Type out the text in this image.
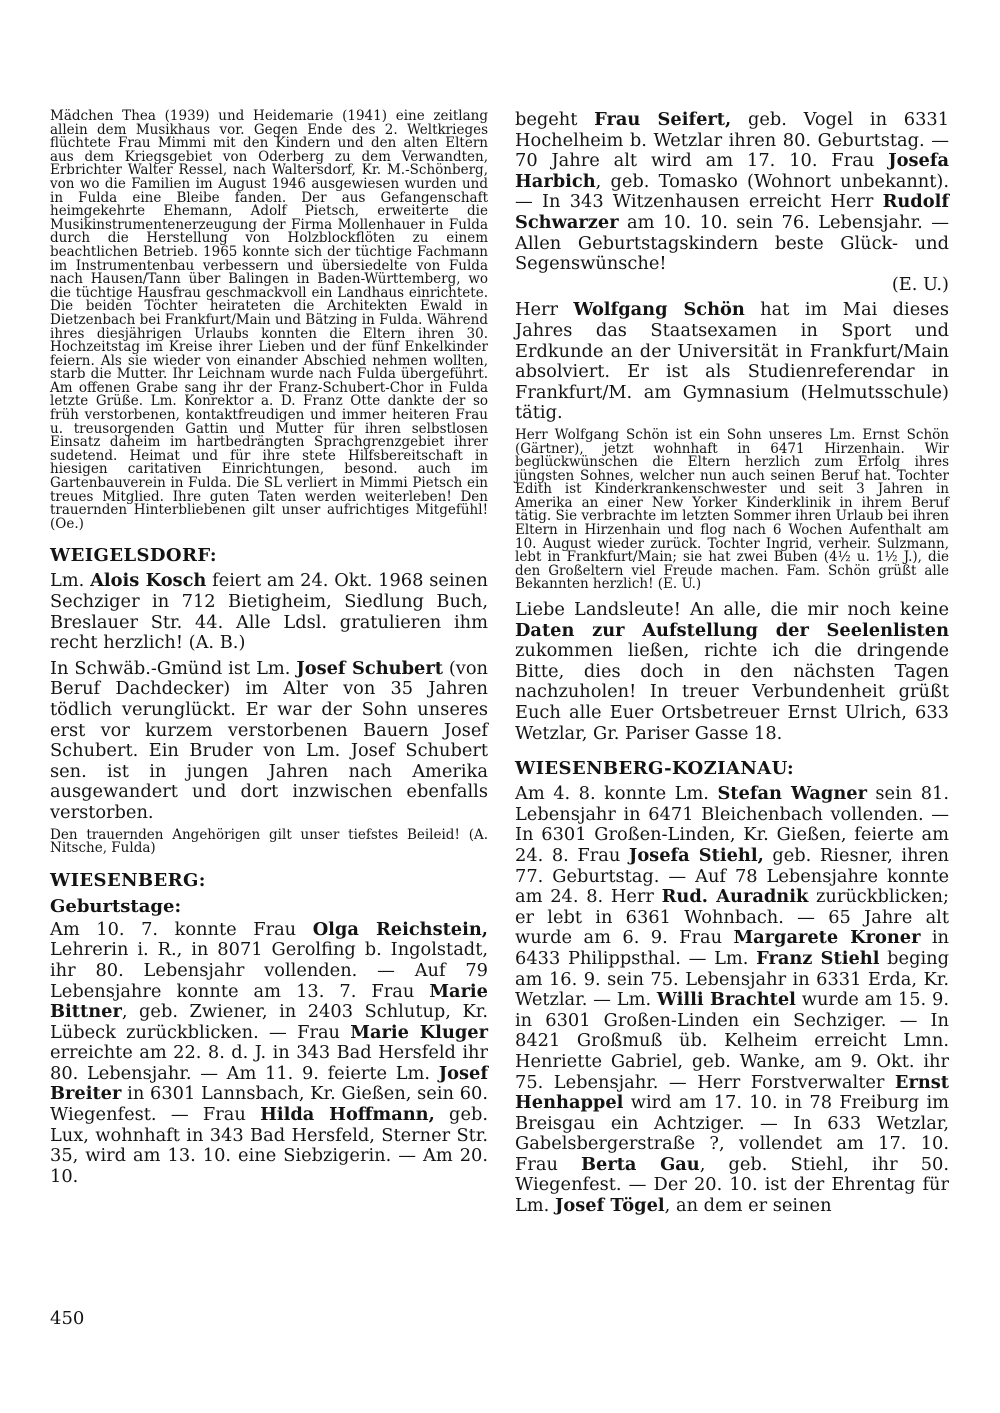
Mädchen Thea (1939) und Heidemarie (1941) eine zeitlang allein dem Musikhaus vor. Gegen Ende des 2. Weltkrieges flüchtete Frau Mimmi mit den Kindern und den alten Eltern aus dem Kriegsgebiet von Oderberg zu dem Verwandten, Erbrichter Walter Ressel, nach Waltersdorf, Kr. M.-Schönberg, von wo die Familien im August 1946 ausgewiesen wurden und in Fulda eine Bleibe fanden. Der aus Gefangenschaft heimgekehrte Ehemann, Adolf Pietsch, erweiterte die Musikinstrumentenerzeugung der Firma Mollenhauer in Fulda durch die Herstellung von Holzblockflöten zu einem beachtlichen Betrieb. 1965 konnte sich der tüchtige Fachmann im Instrumentenbau verbessern und übersiedelte von Fulda nach Hausen/Tann über Balingen in Baden-Württemberg, wo die tüchtige Hausfrau geschmackvoll ein Landhaus einrichtete. Die beiden Töchter heirateten die Architekten Ewald in Dietzenbach bei Frankfurt/Main und Bätzing in Fulda. Während ihres diesjährigen Urlaubs konnten die Eltern ihren 30. Hochzeitstag im Kreise ihrer Lieben und der fünf Enkelkinder feiern. Als sie wieder von einander Abschied nehmen wollten, starb die Mutter. Ihr Leichnam wurde nach Fulda übergeführt. Am offenen Grabe sang ihr der Franz-Schubert-Chor in Fulda letzte Grüße. Lm. Konrektor a. D. Franz Otte dankte der so früh verstorbenen, kontaktfreudigen und immer heiteren Frau u. treusorgenden Gattin und Mutter für ihren selbstlosen Einsatz daheim im hartbedrängten Sprachgrenzgebiet ihrer sudetend. Heimat und für ihre stete Hilfsbereitschaft in hiesigen caritativen Einrichtungen, besond. auch im Gartenbauverein in Fulda. Die SL verliert in Mimmi Pietsch ein treues Mitglied. Ihre guten Taten werden weiterleben! Den trauernden Hinterbliebenen gilt unser aufrichtiges Mitgefühl! (Oe.)

WEIGELSDORF:

Lm. Alois Kosch feiert am 24. Okt. 1968 seinen Sechziger in 712 Bietigheim, Siedlung Buch, Breslauer Str. 44. Alle Ldsl. gratulieren ihm recht herzlich! (A. B.)

In Schwäb.-Gmünd ist Lm. Josef Schubert (von Beruf Dachdecker) im Alter von 35 Jahren tödlich verunglückt. Er war der Sohn unseres erst vor kurzem verstorbenen Bauern Josef Schubert. Ein Bruder von Lm. Josef Schubert sen. ist in jungen Jahren nach Amerika ausgewandert und dort inzwischen ebenfalls verstorben.

Den trauernden Angehörigen gilt unser tiefstes Beileid! (A. Nitsche, Fulda)

WIESENBERG:
Geburtstage:

Am 10. 7. konnte Frau Olga Reichstein, Lehrerin i. R., in 8071 Gerolfing b. Ingolstadt, ihr 80. Lebensjahr vollenden. — Auf 79 Lebensjahre konnte am 13. 7. Frau Marie Bittner, geb. Zwiener, in 2403 Schlutup, Kr. Lübeck zurückblicken. — Frau Marie Kluger erreichte am 22. 8. d. J. in 343 Bad Hersfeld ihr 80. Lebensjahr. — Am 11. 9. feierte Lm. Josef Breiter in 6301 Lannsbach, Kr. Gießen, sein 60. Wiegenfest. — Frau Hilda Hoffmann, geb. Lux, wohnhaft in 343 Bad Hersfeld, Sterner Str. 35, wird am 13. 10. eine Siebzigerin. — Am 20. 10.

begeht Frau Seifert, geb. Vogel in 6331 Hochelheim b. Wetzlar ihren 80. Geburtstag. — 70 Jahre alt wird am 17. 10. Frau Josefa Harbich, geb. Tomasko (Wohnort unbekannt). — In 343 Witzenhausen erreicht Herr Rudolf Schwarzer am 10. 10. sein 76. Lebensjahr. — Allen Geburtstagskindern beste Glück- und Segenswünsche!

(E. U.)

Herr Wolfgang Schön hat im Mai dieses Jahres das Staatsexamen in Sport und Erdkunde an der Universität in Frankfurt/Main absolviert. Er ist als Studienreferendar in Frankfurt/M. am Gymnasium (Helmutsschule) tätig.

Herr Wolfgang Schön ist ein Sohn unseres Lm. Ernst Schön (Gärtner), jetzt wohnhaft in 6471 Hirzenhain. Wir beglückwünschen die Eltern herzlich zum Erfolg ihres jüngsten Sohnes, welcher nun auch seinen Beruf hat. Tochter Edith ist Kinderkrankenschwester und seit 3 Jahren in Amerika an einer New Yorker Kinderklinik in ihrem Beruf tätig. Sie verbrachte im letzten Sommer ihren Urlaub bei ihren Eltern in Hirzenhain und flog nach 6 Wochen Aufenthalt am 10. August wieder zurück. Tochter Ingrid, verheir. Sulzmann, lebt in Frankfurt/Main; sie hat zwei Buben (4½ u. 1½ J.), die den Großeltern viel Freude machen. Fam. Schön grüßt alle Bekannten herzlich! (E. U.)

Liebe Landsleute! An alle, die mir noch keine Daten zur Aufstellung der Seelenlisten zukommen ließen, richte ich die dringende Bitte, dies doch in den nächsten Tagen nachzuholen! In treuer Verbundenheit grüßt Euch alle Euer Ortsbetreuer Ernst Ulrich, 633 Wetzlar, Gr. Pariser Gasse 18.

WIESENBERG-KOZIANAU:

Am 4. 8. konnte Lm. Stefan Wagner sein 81. Lebensjahr in 6471 Bleichenbach vollenden. — In 6301 Großen-Linden, Kr. Gießen, feierte am 24. 8. Frau Josefa Stiehl, geb. Riesner, ihren 77. Geburtstag. — Auf 78 Lebensjahre konnte am 24. 8. Herr Rud. Auradnik zurückblicken; er lebt in 6361 Wohnbach. — 65 Jahre alt wurde am 6. 9. Frau Margarete Kroner in 6433 Philippsthal. — Lm. Franz Stiehl beging am 16. 9. sein 75. Lebensjahr in 6331 Erda, Kr. Wetzlar. — Lm. Willi Brachtel wurde am 15. 9. in 6301 Großen-Linden ein Sechziger. — In 8421 Großmuß üb. Kelheim erreicht Lmn. Henriette Gabriel, geb. Wanke, am 9. Okt. ihr 75. Lebensjahr. — Herr Forstverwalter Ernst Henhappel wird am 17. 10. in 78 Freiburg im Breisgau ein Achtziger. — In 633 Wetzlar, Gabelsbergerstraße ?, vollendet am 17. 10. Frau Berta Gau, geb. Stiehl, ihr 50. Wiegenfest. — Der 20. 10. ist der Ehrentag für Lm. Josef Tögel, an dem er seinen

450
